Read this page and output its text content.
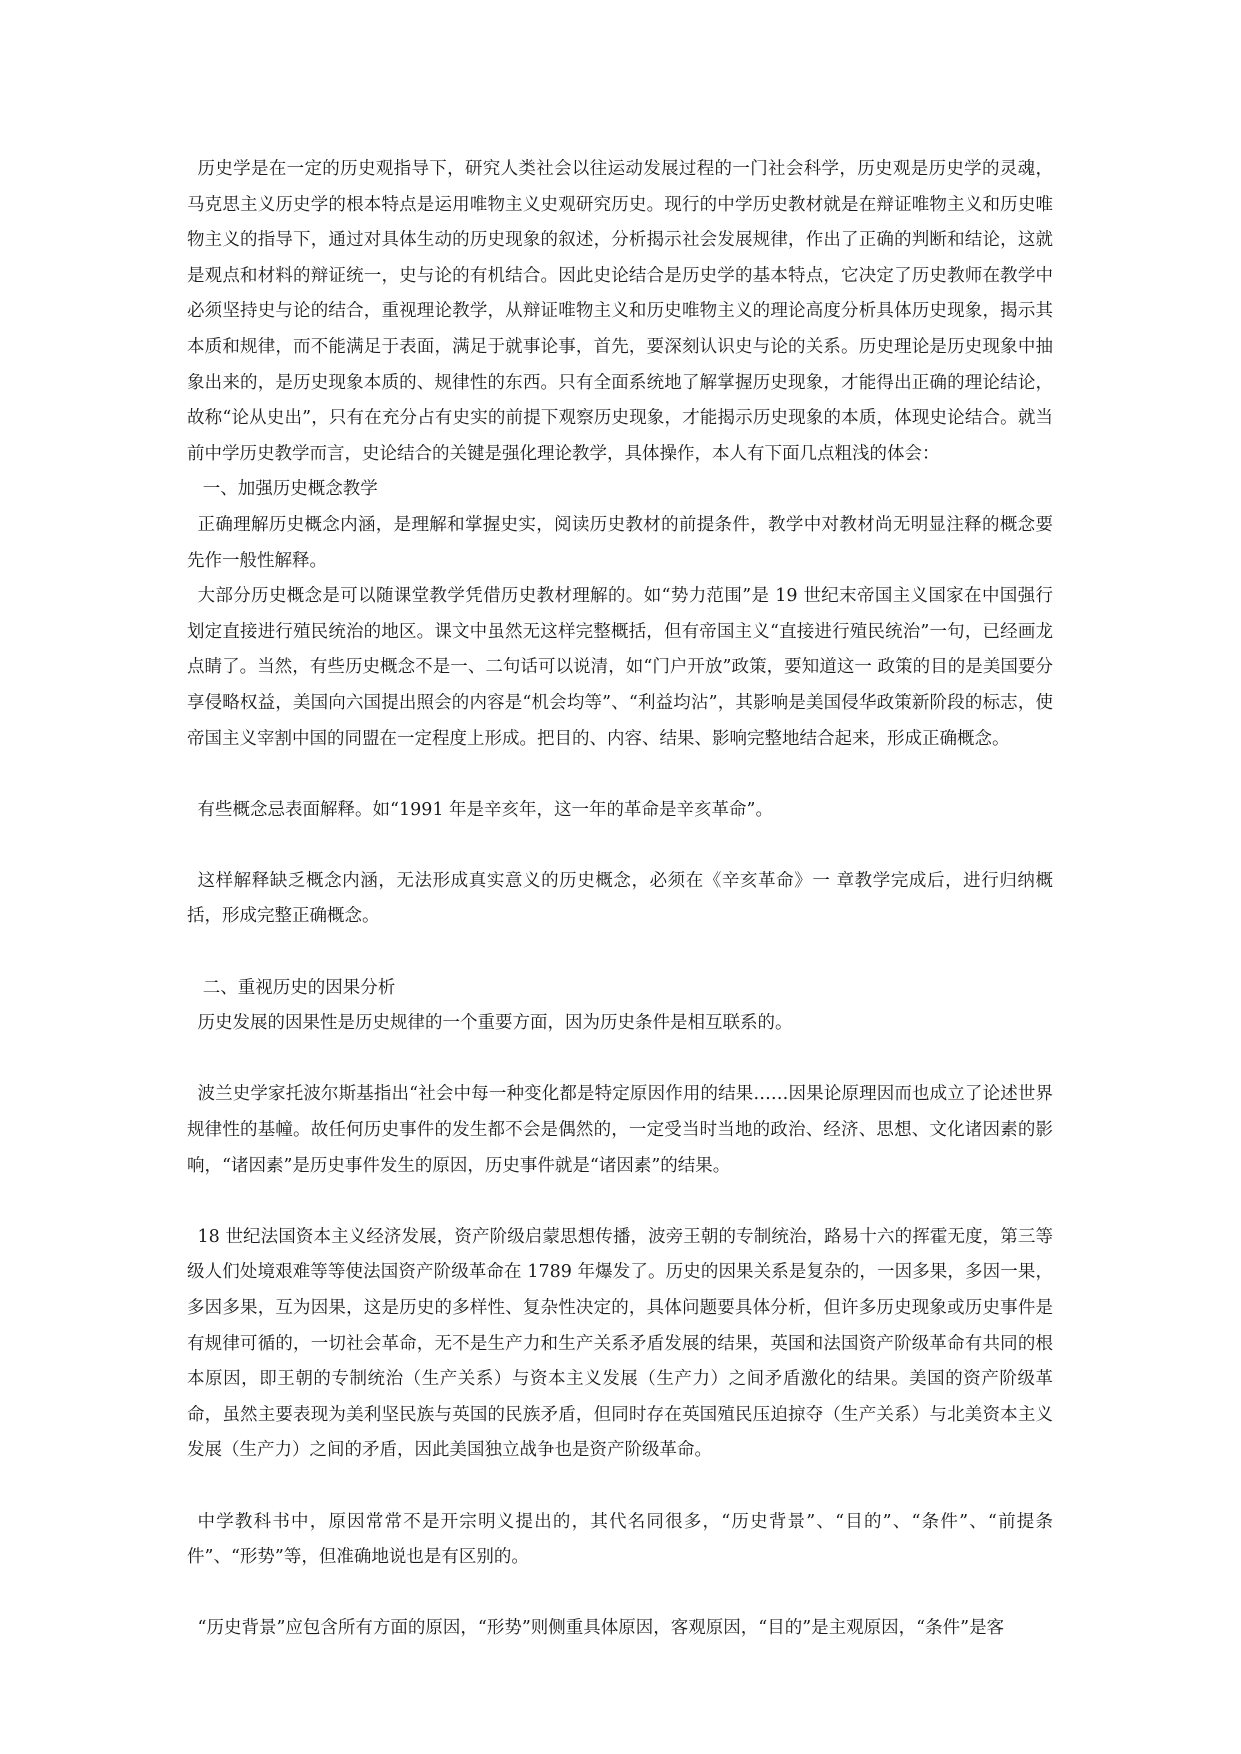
历史学是在一定的历史观指导下，研究人类社会以往运动发展过程的一门社会科学，历史观是历史学的灵魂，马克思主义历史学的根本特点是运用唯物主义史观研究历史。现行的中学历史教材就是在辩证唯物主义和历史唯物主义的指导下，通过对具体生动的历史现象的叙述，分析揭示社会发展规律，作出了正确的判断和结论，这就是观点和材料的辩证统一，史与论的有机结合。因此史论结合是历史学的基本特点，它决定了历史教师在教学中必须坚持史与论的结合，重视理论教学，从辩证唯物主义和历史唯物主义的理论高度分析具体历史现象，揭示其本质和规律，而不能满足于表面，满足于就事论事，首先，要深刻认识史与论的关系。历史理论是历史现象中抽象出来的，是历史现象本质的、规律性的东西。只有全面系统地了解掌握历史现象，才能得出正确的理论结论，故称“论从史出”，只有在充分占有史实的前提下观察历史现象，才能揭示历史现象的本质，体现史论结合。就当前中学历史教学而言，史论结合的关键是强化理论教学，具体操作，本人有下面几点粗浅的体会：

一、加强历史概念教学

正确理解历史概念内涵，是理解和掌握史实，阅读历史教材的前提条件，教学中对教材尚无明显注释的概念要先作一般性解释。

大部分历史概念是可以随课堂教学凭借历史教材理解的。如“势力范围”是 19 世纪末帝国主义国家在中国强行划定直接进行殖民统治的地区。课文中虽然无这样完整概括，但有帝国主义“直接进行殖民统治”一句，已经画龙点睛了。当然，有些历史概念不是一、二句话可以说清，如“门户开放”政策，要知道这一 政策的目的是美国要分享侵略权益，美国向六国提出照会的内容是“机会均等”、“利益均沾”，其影响是美国侵华政策新阶段的标志，使帝国主义宰割中国的同盟在一定程度上形成。把目的、内容、结果、影响完整地结合起来，形成正确概念。

有些概念忌表面解释。如“1991 年是辛亥年，这一年的革命是辛亥革命”。

这样解释缺乏概念内涵，无法形成真实意义的历史概念，必须在《辛亥革命》一 章教学完成后，进行归纳概括，形成完整正确概念。

二、重视历史的因果分析

历史发展的因果性是历史规律的一个重要方面，因为历史条件是相互联系的。

波兰史学家托波尔斯基指出“社会中每一种变化都是特定原因作用的结果……因果论原理因而也成立了论述世界规律性的基幢。故任何历史事件的发生都不会是偶然的，一定受当时当地的政治、经济、思想、文化诸因素的影响，“诸因素”是历史事件发生的原因，历史事件就是“诸因素”的结果。

18 世纪法国资本主义经济发展，资产阶级启蒙思想传播，波旁王朝的专制统治，路易十六的挥霍无度，第三等级人们处境艰难等等使法国资产阶级革命在 1789 年爆发了。历史的因果关系是复杂的，一因多果，多因一果，多因多果，互为因果，这是历史的多样性、复杂性决定的，具体问题要具体分析，但许多历史现象或历史事件是有规律可循的，一切社会革命，无不是生产力和生产关系矛盾发展的结果，英国和法国资产阶级革命有共同的根本原因，即王朝的专制统治（生产关系）与资本主义发展（生产力）之间矛盾激化的结果。美国的资产阶级革命，虽然主要表现为美利坚民族与英国的民族矛盾，但同时存在英国殖民压迫掠夺（生产关系）与北美资本主义发展（生产力）之间的矛盾，因此美国独立战争也是资产阶级革命。

中学教科书中，原因常常不是开宗明义提出的，其代名同很多，“历史背景”、“目的”、“条件”、“前提条件”、“形势”等，但准确地说也是有区别的。

“历史背景”应包含所有方面的原因，“形势”则侧重具体原因，客观原因，“目的”是主观原因，“条件”是客
